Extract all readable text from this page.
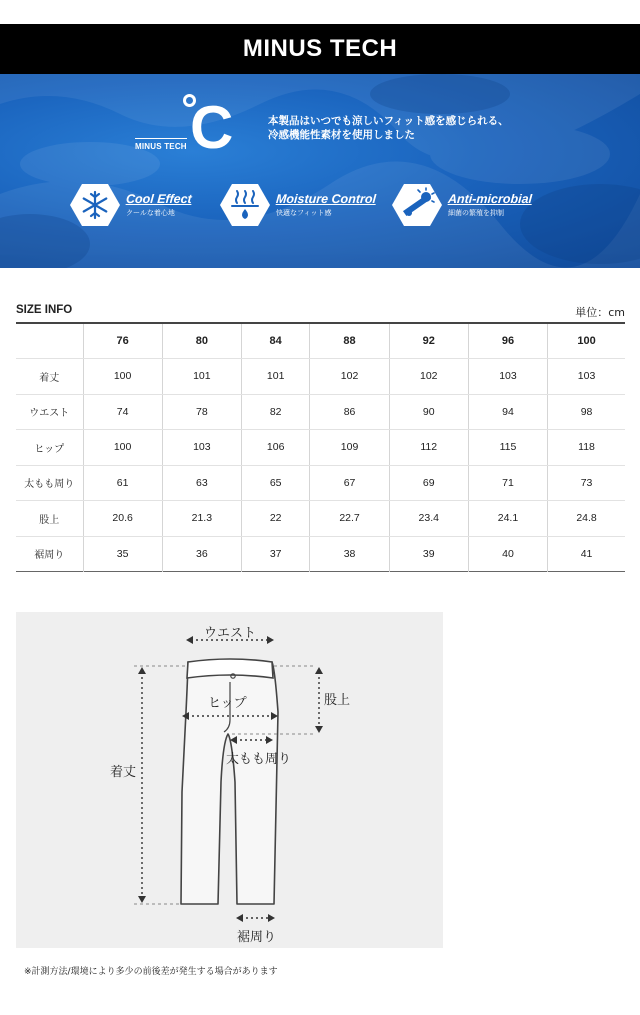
MINUS TECH
C
MINUS TECH
本製品はいつでも涼しいフィット感を感じられる、
冷感機能性素材を使用しました
Cool Effect
クールな着心地
Moisture Control
快適なフィット感
Anti-microbial
細菌の繁殖を抑制
SIZE INFO	単位：cm
	76	80	84	88	92	96	100
着丈	100	101	101	102	102	103	103
ウエスト	74	78	82	86	90	94	98
ヒップ	100	103	106	109	112	115	118
太もも周り	61	63	65	67	69	71	73
股上	20.6	21.3	22	22.7	23.4	24.1	24.8
裾周り	35	36	37	38	39	40	41
ウエスト
ヒップ	股上
着丈
太もも周り
裾周り
※計測方法/環境により多少の前後差が発生する場合があります
